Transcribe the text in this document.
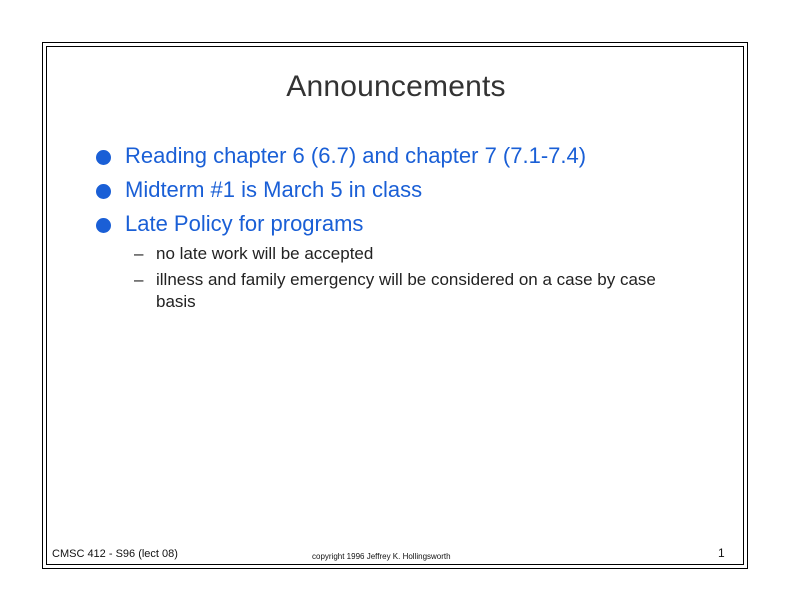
Announcements
Reading chapter 6 (6.7) and chapter 7 (7.1-7.4)
Midterm #1 is March 5 in class
Late Policy for programs
– no late work will be accepted
– illness and family emergency will be considered on a case by case basis
CMSC 412 - S96 (lect 08)	copyright 1996 Jeffrey K. Hollingsworth	1
